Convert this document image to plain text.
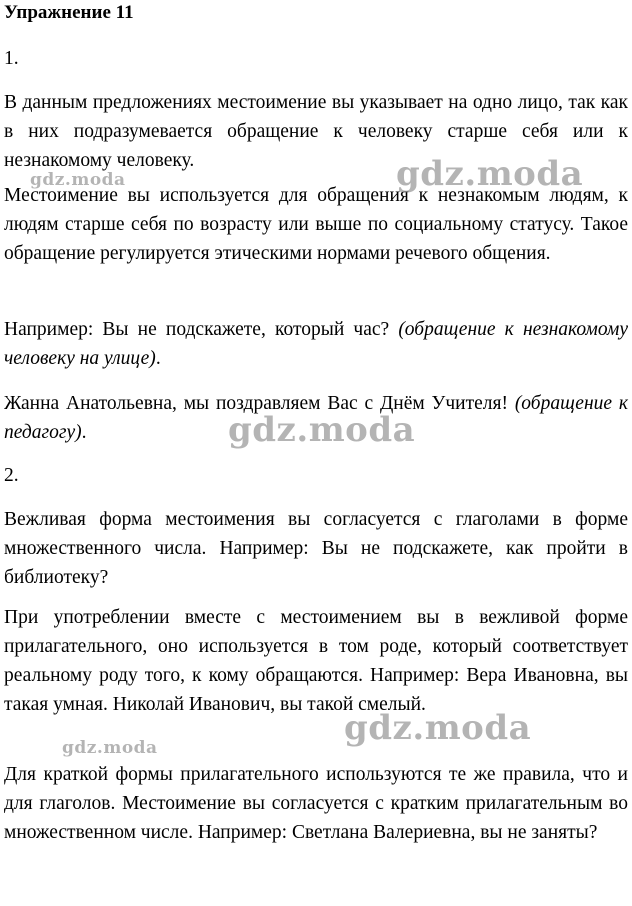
Упражнение 11

1.

В данным предложениях местоимение вы указывает на одно лицо, так как в них подразумевается обращение к человеку старше себя или к незнакомому человеку.

Местоимение вы используется для обращения к незнакомым людям, к людям старше себя по возрасту или выше по социальному статусу. Такое обращение регулируется этическими нормами речевого общения.

Например: Вы не подскажете, который час? (обращение к незнакомому человеку на улице).

Жанна Анатольевна, мы поздравляем Вас с Днём Учителя! (обращение к педагогу).

2.

Вежливая форма местоимения вы согласуется с глаголами в форме множественного числа. Например: Вы не подскажете, как пройти в библиотеку?

При употреблении вместе с местоимением вы в вежливой форме прилагательного, оно используется в том роде, который соответствует реальному роду того, к кому обращаются. Например: Вера Ивановна, вы такая умная. Николай Иванович, вы такой смелый.

Для краткой формы прилагательного используются те же правила, что и для глаголов. Местоимение вы согласуется с кратким прилагательным во множественном числе. Например: Светлана Валериевна, вы не заняты?

gdz.moda	gdz.moda
gdz.moda
gdz.moda
gdz.moda
